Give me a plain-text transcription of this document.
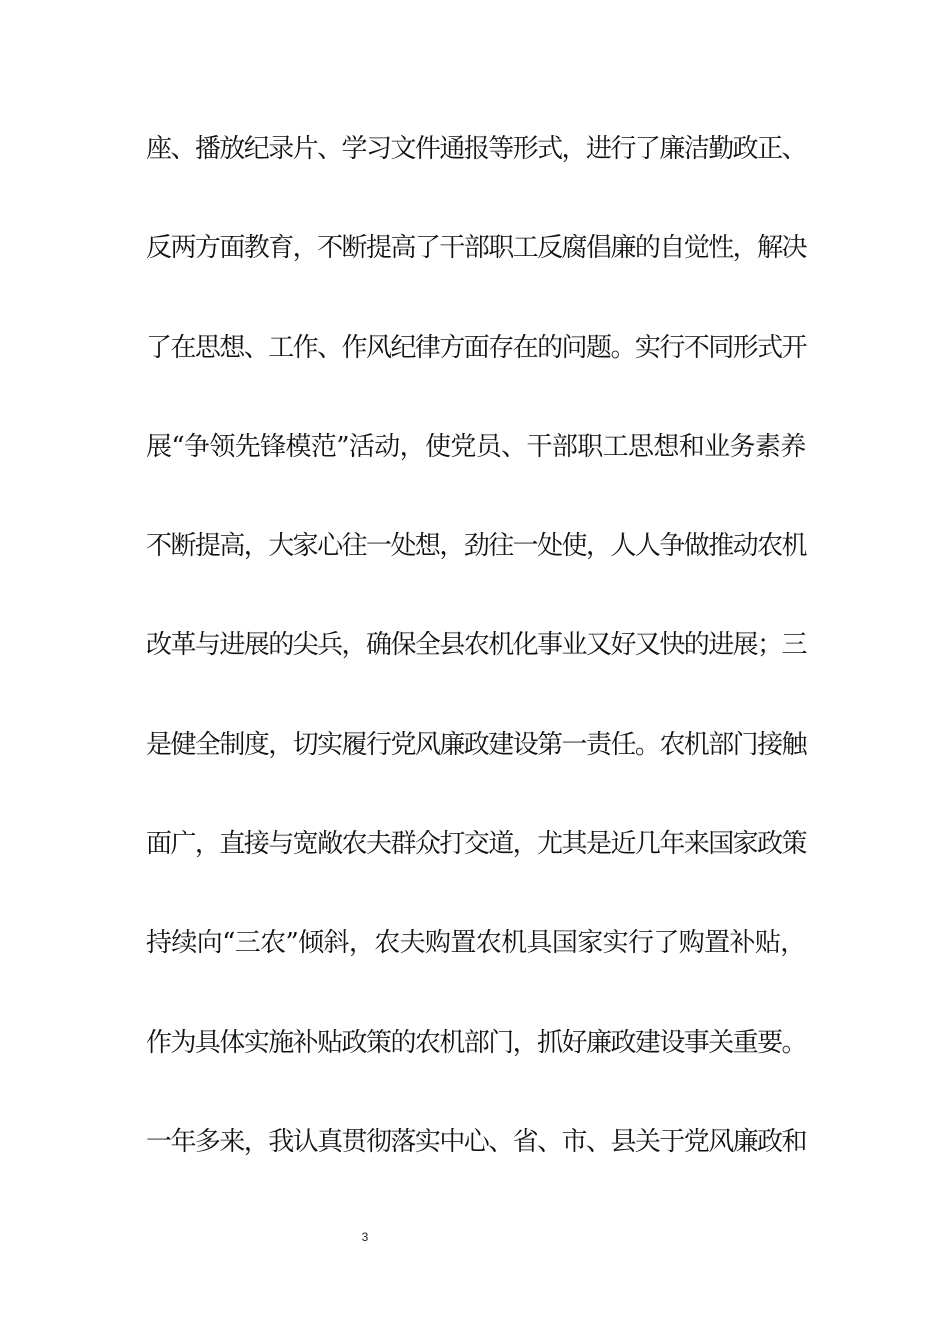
座、播放纪录片、学习文件通报等形式，进行了廉洁勤政正、
反两方面教育，不断提高了干部职工反腐倡廉的自觉性，解决
了在思想、工作、作风纪律方面存在的问题。实行不同形式开
展“争领先锋模范”活动，使党员、干部职工思想和业务素养
不断提高，大家心往一处想，劲往一处使，人人争做推动农机
改革与进展的尖兵，确保全县农机化事业又好又快的进展；三
是健全制度，切实履行党风廉政建设第一责任。农机部门接触
面广，直接与宽敞农夫群众打交道，尤其是近几年来国家政策
持续向“三农”倾斜，农夫购置农机具国家实行了购置补贴，
作为具体实施补贴政策的农机部门，抓好廉政建设事关重要。
一年多来，我认真贯彻落实中心、省、市、县关于党风廉政和
3
